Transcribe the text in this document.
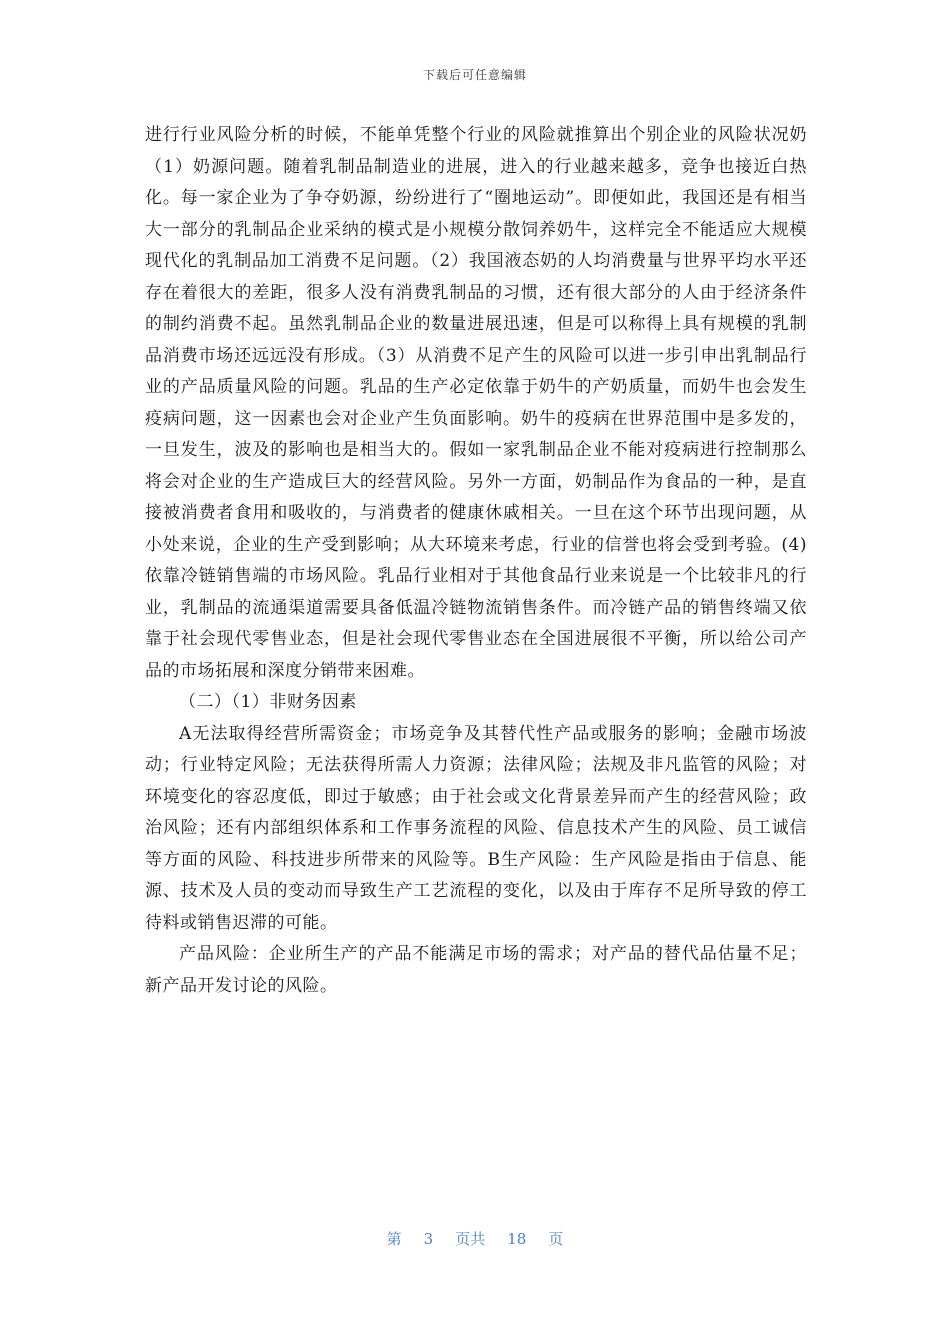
下载后可任意编辑

进行行业风险分析的时候，不能单凭整个行业的风险就推算出个别企业的风险状况奶（1）奶源问题。随着乳制品制造业的进展，进入的行业越来越多，竞争也接近白热化。每一家企业为了争夺奶源，纷纷进行了“圈地运动”。即便如此，我国还是有相当大一部分的乳制品企业采纳的模式是小规模分散饲养奶牛，这样完全不能适应大规模现代化的乳制品加工消费不足问题。（2）我国液态奶的人均消费量与世界平均水平还存在着很大的差距，很多人没有消费乳制品的习惯，还有很大部分的人由于经济条件的制约消费不起。虽然乳制品企业的数量进展迅速，但是可以称得上具有规模的乳制品消费市场还远远没有形成。（3）从消费不足产生的风险可以进一步引申出乳制品行业的产品质量风险的问题。乳品的生产必定依靠于奶牛的产奶质量，而奶牛也会发生疫病问题，这一因素也会对企业产生负面影响。奶牛的疫病在世界范围中是多发的，一旦发生，波及的影响也是相当大的。假如一家乳制品企业不能对疫病进行控制那么将会对企业的生产造成巨大的经营风险。另外一方面，奶制品作为食品的一种，是直接被消费者食用和吸收的，与消费者的健康休戚相关。一旦在这个环节出现问题，从小处来说，企业的生产受到影响；从大环境来考虑，行业的信誉也将会受到考验。(4)依靠冷链销售端的市场风险。乳品行业相对于其他食品行业来说是一个比较非凡的行业，乳制品的流通渠道需要具备低温冷链物流销售条件。而冷链产品的销售终端又依靠于社会现代零售业态，但是社会现代零售业态在全国进展很不平衡，所以给公司产品的市场拓展和深度分销带来困难。

（二）（1）非财务因素

A无法取得经营所需资金；市场竞争及其替代性产品或服务的影响；金融市场波动；行业特定风险；无法获得所需人力资源；法律风险；法规及非凡监管的风险；对环境变化的容忍度低，即过于敏感；由于社会或文化背景差异而产生的经营风险；政治风险；还有内部组织体系和工作事务流程的风险、信息技术产生的风险、员工诚信等方面的风险、科技进步所带来的风险等。B生产风险：生产风险是指由于信息、能源、技术及人员的变动而导致生产工艺流程的变化，以及由于库存不足所导致的停工待料或销售迟滞的可能。

产品风险：企业所生产的产品不能满足市场的需求；对产品的替代品估量不足；新产品开发讨论的风险。

第 3 页共 18 页
